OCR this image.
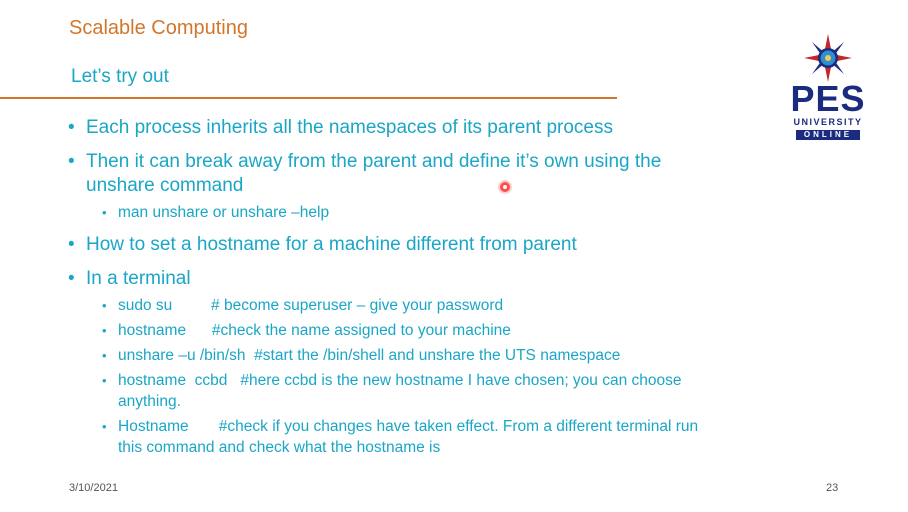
Scalable Computing
Let’s try out
PES
UNIVERSITY
ONLINE
• Each process inherits all the namespaces of its parent process
• Then it can break away from the parent and define it’s own using the unshare command
• man unshare or unshare –help
• How to set a hostname for a machine different from parent
• In a terminal
• sudo su         # become superuser – give your password
• hostname      #check the name assigned to your machine
• unshare –u /bin/sh  #start the /bin/shell and unshare the UTS namespace
• hostname  ccbd   #here ccbd is the new hostname I have chosen; you can choose anything.
• Hostname       #check if you changes have taken effect. From a different terminal run this command and check what the hostname is
3/10/2021	23
